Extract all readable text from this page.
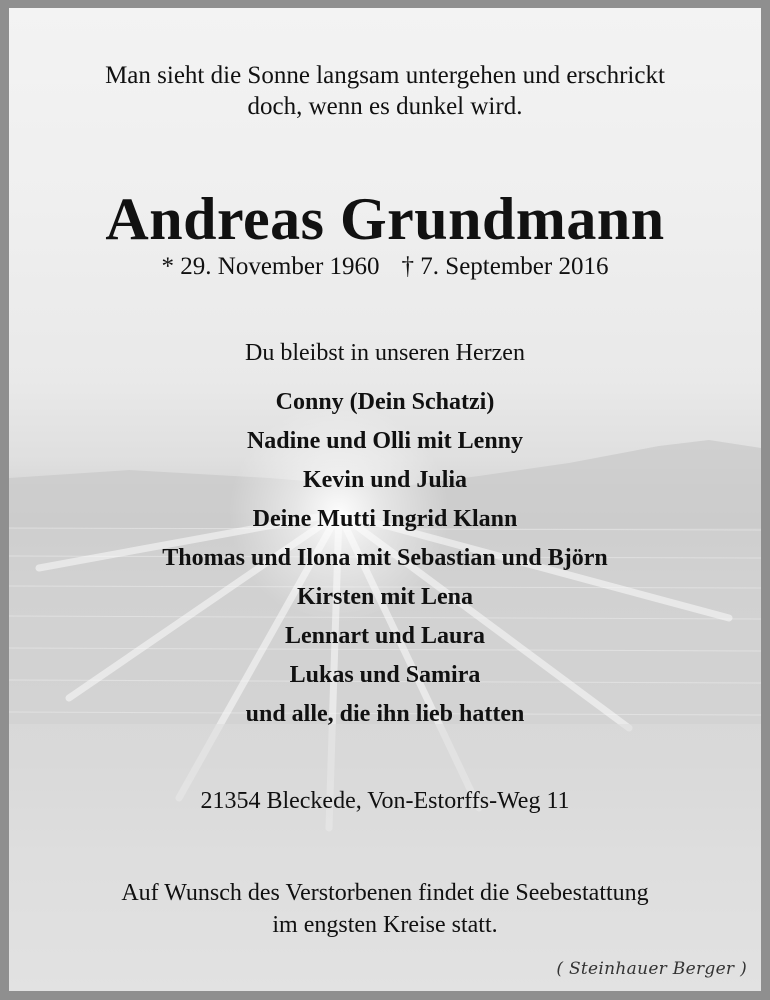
Man sieht die Sonne langsam untergehen und erschrickt
doch, wenn es dunkel wird.
Andreas Grundmann
* 29. November 1960 † 7. September 2016
Du bleibst in unseren Herzen
Conny (Dein Schatzi)
Nadine und Olli mit Lenny
Kevin und Julia
Deine Mutti Ingrid Klann
Thomas und Ilona mit Sebastian und Björn
Kirsten mit Lena
Lennart und Laura
Lukas und Samira
und alle, die ihn lieb hatten
21354 Bleckede, Von-Estorffs-Weg 11
Auf Wunsch des Verstorbenen findet die Seebestattung
im engsten Kreise statt.
( Steinhauer Berger )
